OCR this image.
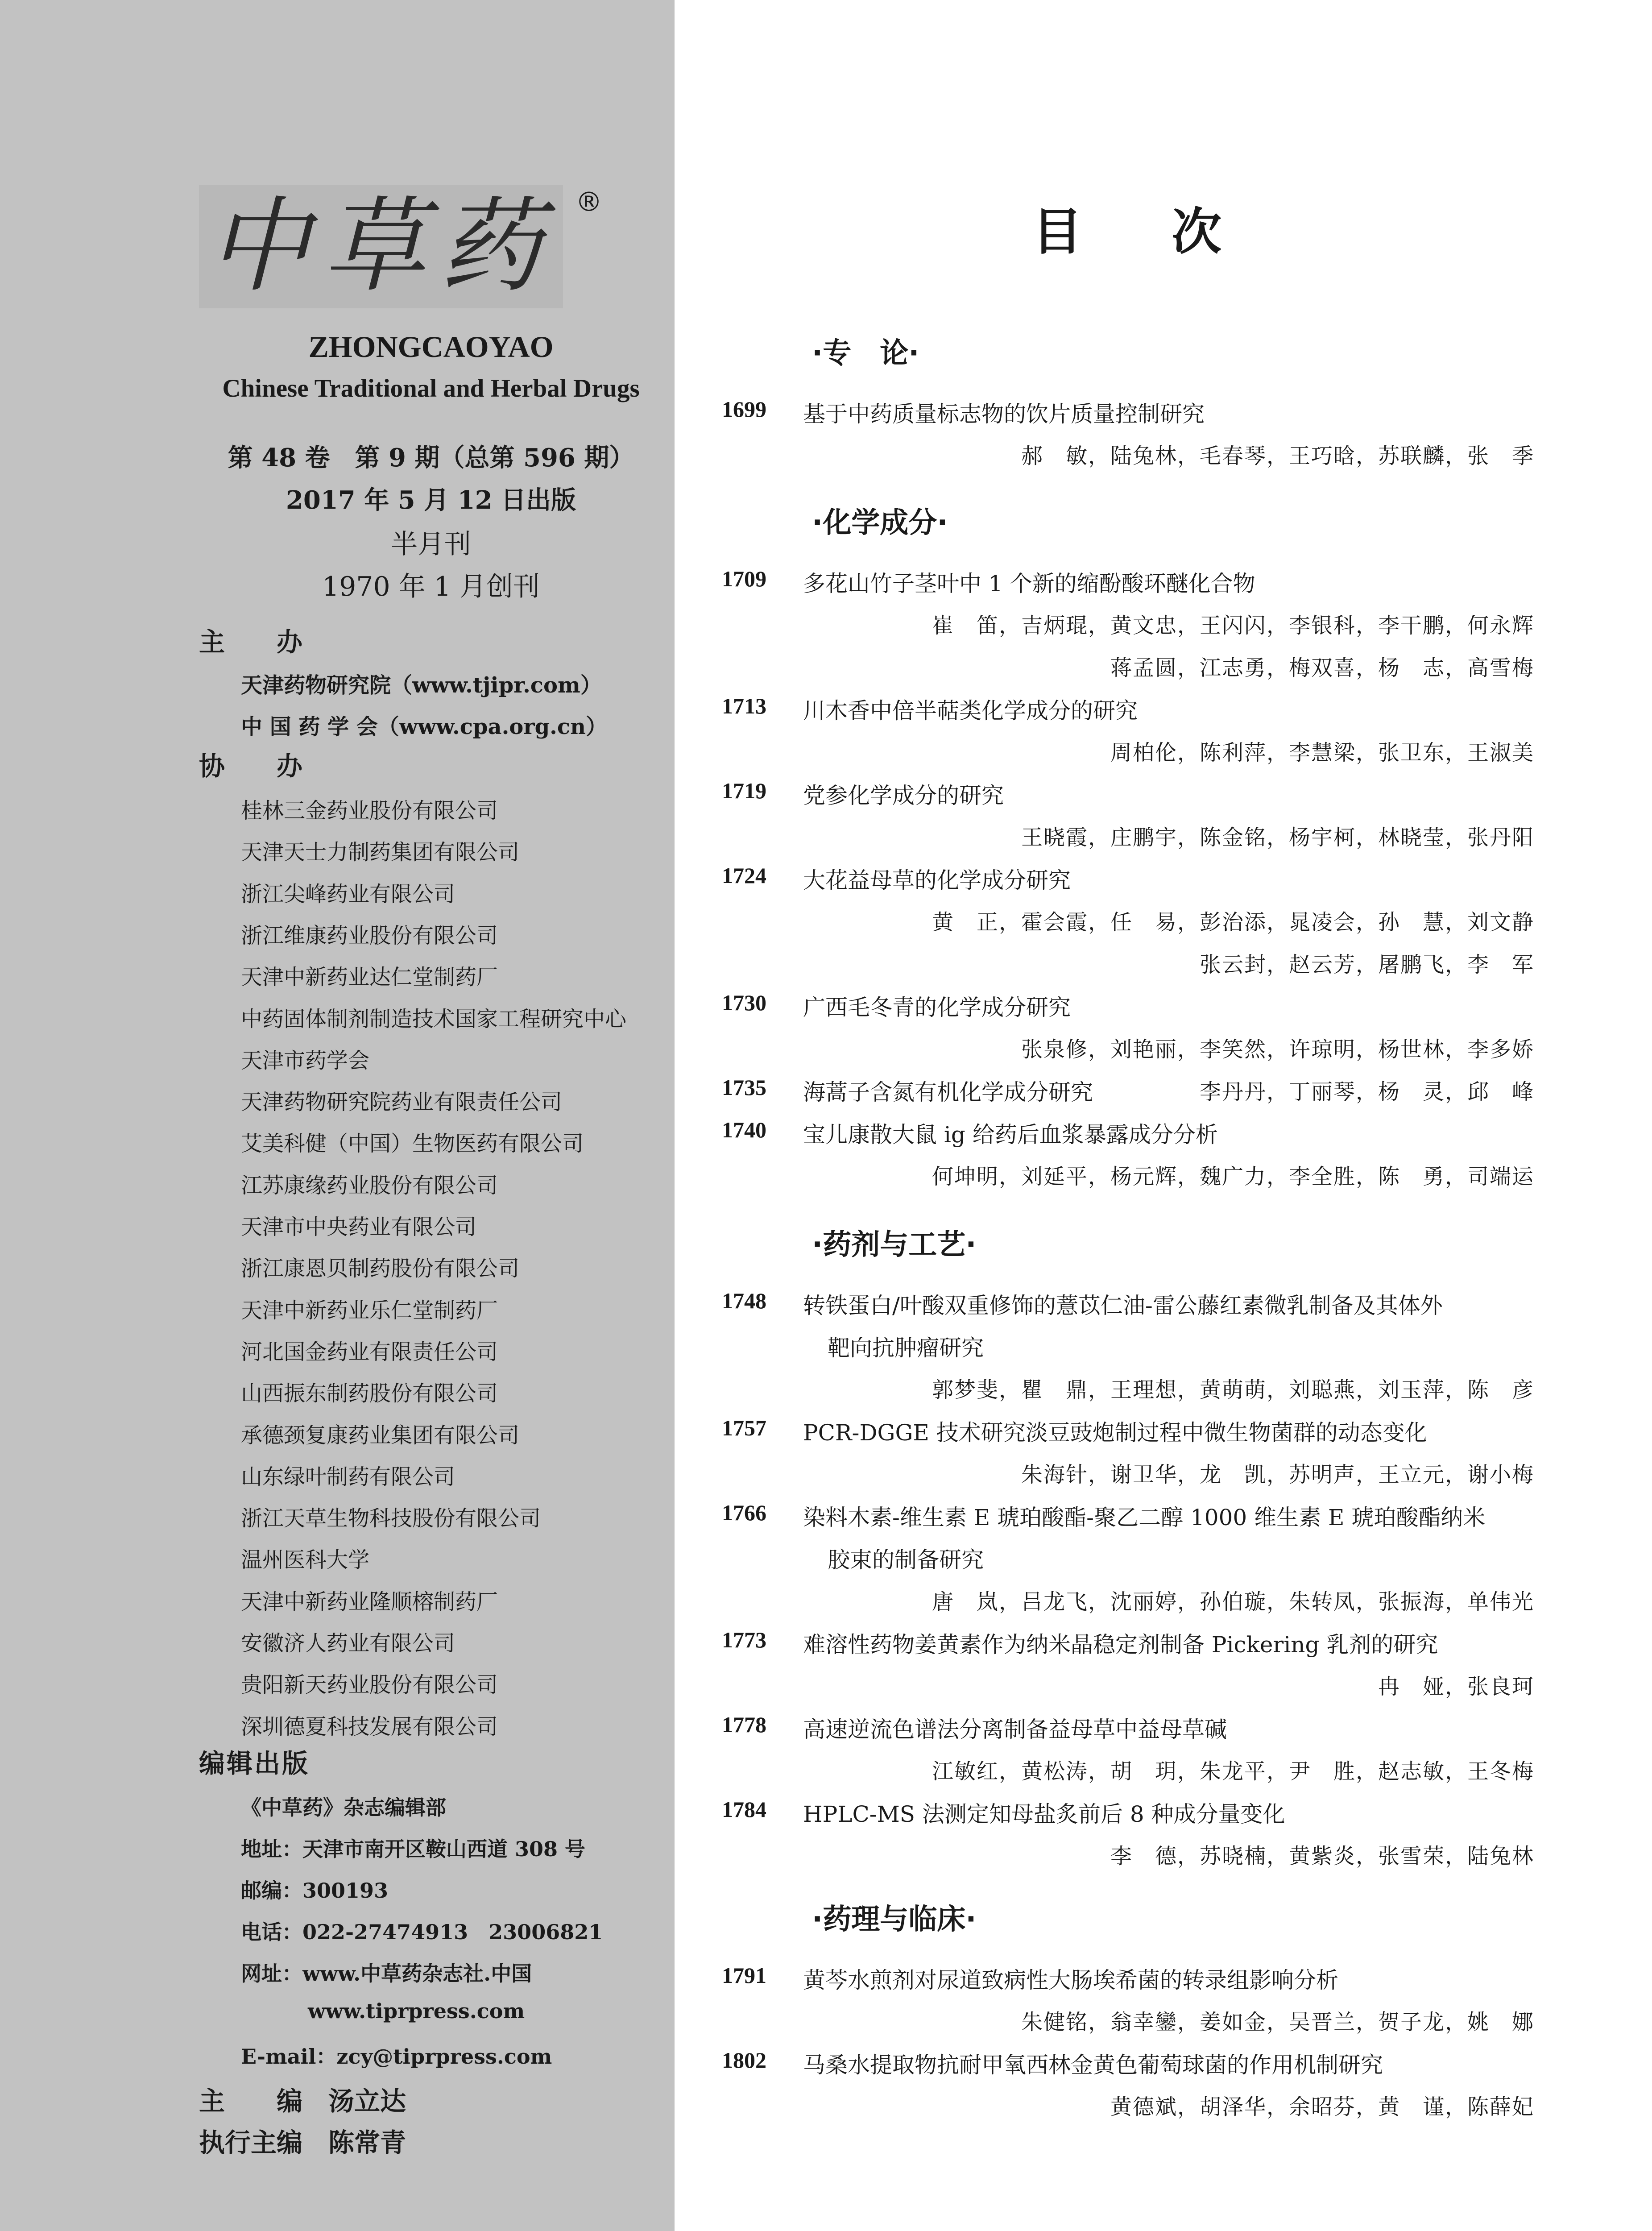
中草药 ®
ZHONGCAOYAO
Chinese Traditional and Herbal Drugs
第 48 卷　第 9 期（总第 596 期）
2017 年 5 月 12 日出版
半月刊
1970 年 1 月创刊
主办
天津药物研究院（www.tjipr.com）
中 国 药 学 会（www.cpa.org.cn）
协办
桂林三金药业股份有限公司
天津天士力制药集团有限公司
浙江尖峰药业有限公司
浙江维康药业股份有限公司
天津中新药业达仁堂制药厂
中药固体制剂制造技术国家工程研究中心
天津市药学会
天津药物研究院药业有限责任公司
艾美科健（中国）生物医药有限公司
江苏康缘药业股份有限公司
天津市中央药业有限公司
浙江康恩贝制药股份有限公司
天津中新药业乐仁堂制药厂
河北国金药业有限责任公司
山西振东制药股份有限公司
承德颈复康药业集团有限公司
山东绿叶制药有限公司
浙江天草生物科技股份有限公司
温州医科大学
天津中新药业隆顺榕制药厂
安徽济人药业有限公司
贵阳新天药业股份有限公司
深圳德夏科技发展有限公司
编辑出版
《中草药》杂志编辑部
地址：天津市南开区鞍山西道 308 号
邮编：300193
电话：022-27474913　23006821
网址：www.中草药杂志社.中国
www.tiprpress.com
E-mail：zcy@tiprpress.com
主　　编　汤立达
执行主编　陈常青
目次
·专　论·
1699 基于中药质量标志物的饮片质量控制研究
郝　敏，陆兔林，毛春琴，王巧晗，苏联麟，张　季
·化学成分·
1709 多花山竹子茎叶中 1 个新的缩酚酸环醚化合物
崔　笛，吉炳琨，黄文忠，王闪闪，李银科，李干鹏，何永辉
蒋孟圆，江志勇，梅双喜，杨　志，高雪梅
1713 川木香中倍半萜类化学成分的研究
周柏伦，陈利萍，李慧梁，张卫东，王淑美
1719 党参化学成分的研究
王晓霞，庄鹏宇，陈金铭，杨宇柯，林晓莹，张丹阳
1724 大花益母草的化学成分研究
黄　正，霍会霞，任　易，彭治添，晁凌会，孙　慧，刘文静
张云封，赵云芳，屠鹏飞，李　军
1730 广西毛冬青的化学成分研究
张泉修，刘艳丽，李笑然，许琼明，杨世林，李多娇
1735 海蒿子含氮有机化学成分研究	李丹丹，丁丽琴，杨　灵，邱　峰
1740 宝儿康散大鼠 ig 给药后血浆暴露成分分析
何坤明，刘延平，杨元辉，魏广力，李全胜，陈　勇，司端运
·药剂与工艺·
1748 转铁蛋白/叶酸双重修饰的薏苡仁油-雷公藤红素微乳制备及其体外
靶向抗肿瘤研究
郭梦斐，瞿　鼎，王理想，黄萌萌，刘聪燕，刘玉萍，陈　彦
1757 PCR-DGGE 技术研究淡豆豉炮制过程中微生物菌群的动态变化
朱海针，谢卫华，龙　凯，苏明声，王立元，谢小梅
1766 染料木素-维生素 E 琥珀酸酯-聚乙二醇 1000 维生素 E 琥珀酸酯纳米
胶束的制备研究
唐　岚，吕龙飞，沈丽婷，孙伯璇，朱转凤，张振海，单伟光
1773 难溶性药物姜黄素作为纳米晶稳定剂制备 Pickering 乳剂的研究
冉　娅，张良珂
1778 高速逆流色谱法分离制备益母草中益母草碱
江敏红，黄松涛，胡　玥，朱龙平，尹　胜，赵志敏，王冬梅
1784 HPLC-MS 法测定知母盐炙前后 8 种成分量变化
李　德，苏晓楠，黄紫炎，张雪荣，陆兔林
·药理与临床·
1791 黄芩水煎剂对尿道致病性大肠埃希菌的转录组影响分析
朱健铭，翁幸鑾，姜如金，吴晋兰，贺子龙，姚　娜
1802 马桑水提取物抗耐甲氧西林金黄色葡萄球菌的作用机制研究
黄德斌，胡泽华，余昭芬，黄　谨，陈薛妃
